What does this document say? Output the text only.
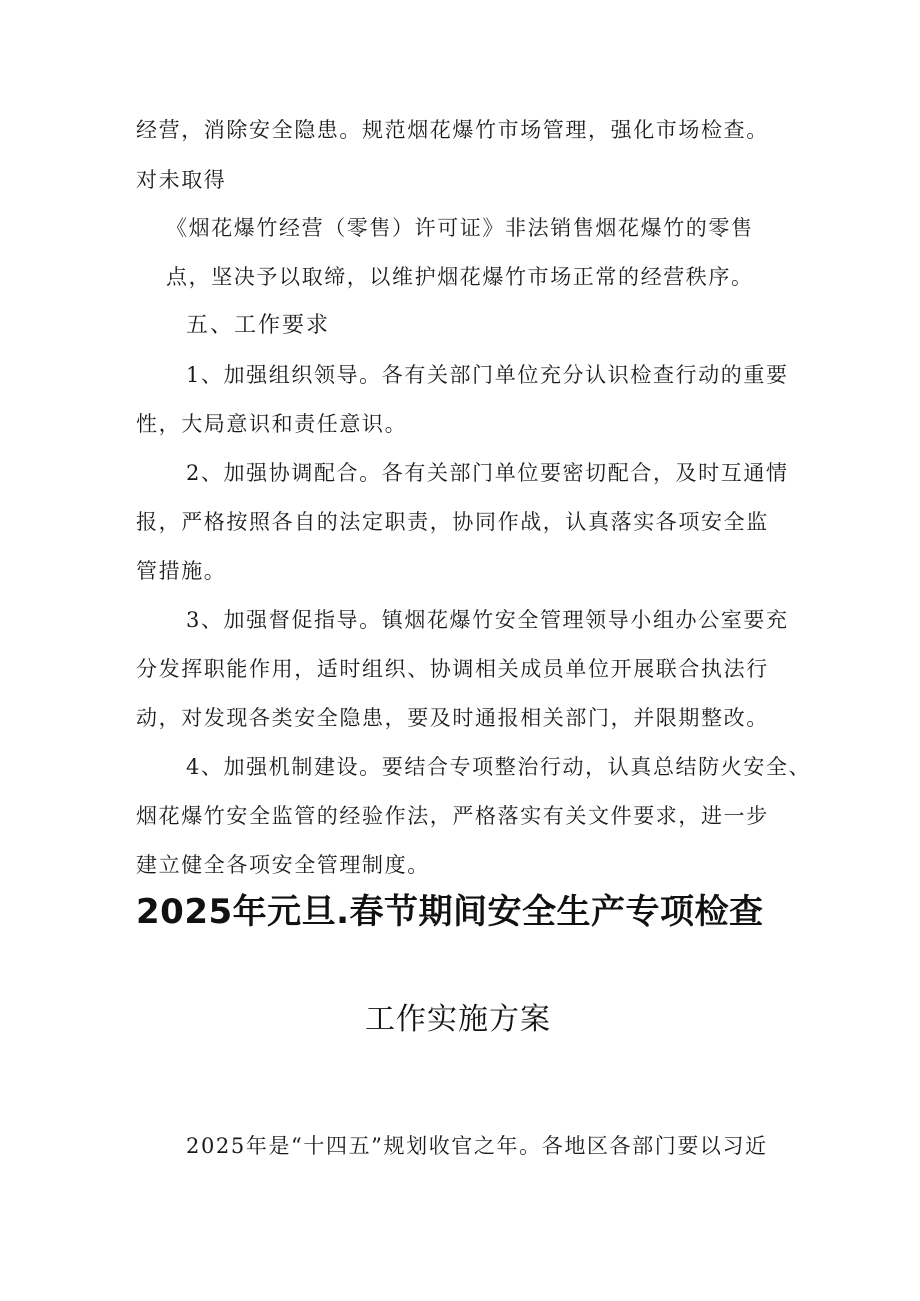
经营，消除安全隐患。规范烟花爆竹市场管理，强化市场检查。
对未取得
《烟花爆竹经营（零售）许可证》非法销售烟花爆竹的零售
点，坚决予以取缔，以维护烟花爆竹市场正常的经营秩序。
五、工作要求
1、加强组织领导。各有关部门单位充分认识检查行动的重要
性，大局意识和责任意识。
2、加强协调配合。各有关部门单位要密切配合，及时互通情
报，严格按照各自的法定职责，协同作战，认真落实各项安全监
管措施。
3、加强督促指导。镇烟花爆竹安全管理领导小组办公室要充
分发挥职能作用，适时组织、协调相关成员单位开展联合执法行
动，对发现各类安全隐患，要及时通报相关部门，并限期整改。
4、加强机制建设。要结合专项整治行动，认真总结防火安全、
烟花爆竹安全监管的经验作法，严格落实有关文件要求，进一步
建立健全各项安全管理制度。
2025年元旦.春节期间安全生产专项检查
工作实施方案
2025年是“十四五”规划收官之年。各地区各部门要以习近
